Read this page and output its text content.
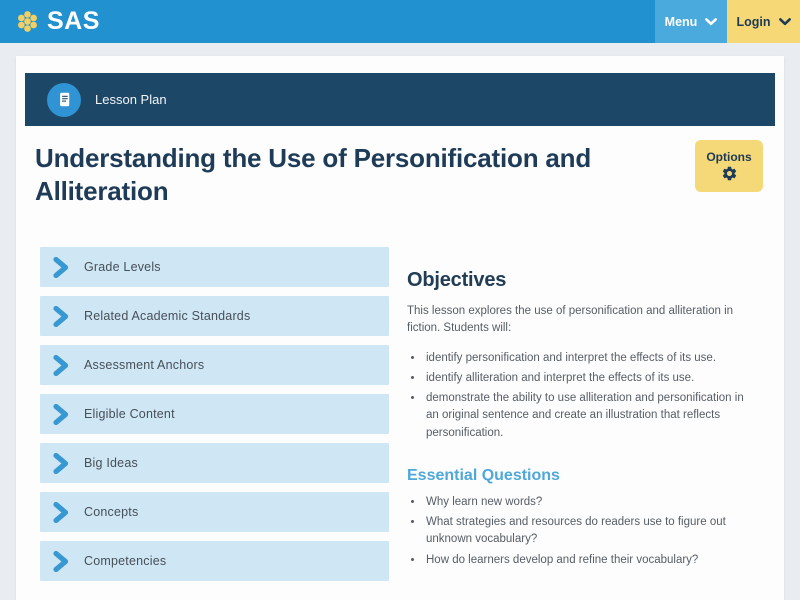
SAS	Menu	Login
Lesson Plan
Understanding the Use of Personification and Alliteration
Options
Grade Levels
Related Academic Standards
Assessment Anchors
Eligible Content
Big Ideas
Concepts
Competencies
Objectives

This lesson explores the use of personification and alliteration in fiction. Students will:

• identify personification and interpret the effects of its use.
• identify alliteration and interpret the effects of its use.
• demonstrate the ability to use alliteration and personification in an original sentence and create an illustration that reflects personification.
Essential Questions
• Why learn new words?
• What strategies and resources do readers use to figure out unknown vocabulary?
• How do learners develop and refine their vocabulary?
